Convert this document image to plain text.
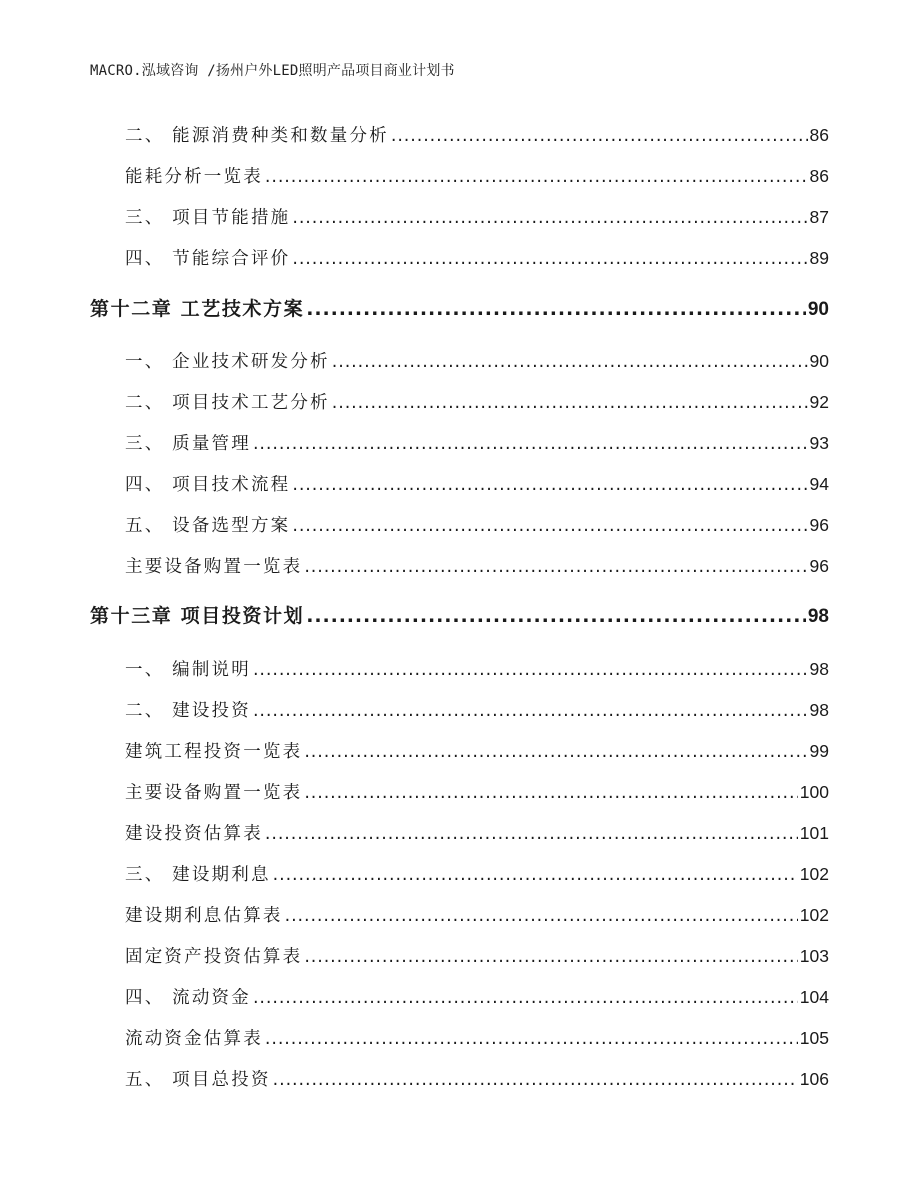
MACRO.泓域咨询 /扬州户外LED照明产品项目商业计划书
二、 能源消费种类和数量分析 .....	86
能耗分析一览表 .....	86
三、 项目节能措施 .....	87
四、 节能综合评价 .....	89
第十二章 工艺技术方案 .....	90
一、 企业技术研发分析 .....	90
二、 项目技术工艺分析 .....	92
三、 质量管理 .....	93
四、 项目技术流程 .....	94
五、 设备选型方案 .....	96
主要设备购置一览表 .....	96
第十三章 项目投资计划 .....	98
一、 编制说明 .....	98
二、 建设投资 .....	98
建筑工程投资一览表 .....	99
主要设备购置一览表 .....	100
建设投资估算表 .....	101
三、 建设期利息 .....	102
建设期利息估算表 .....	102
固定资产投资估算表 .....	103
四、 流动资金 .....	104
流动资金估算表 .....	105
五、 项目总投资 .....	106
